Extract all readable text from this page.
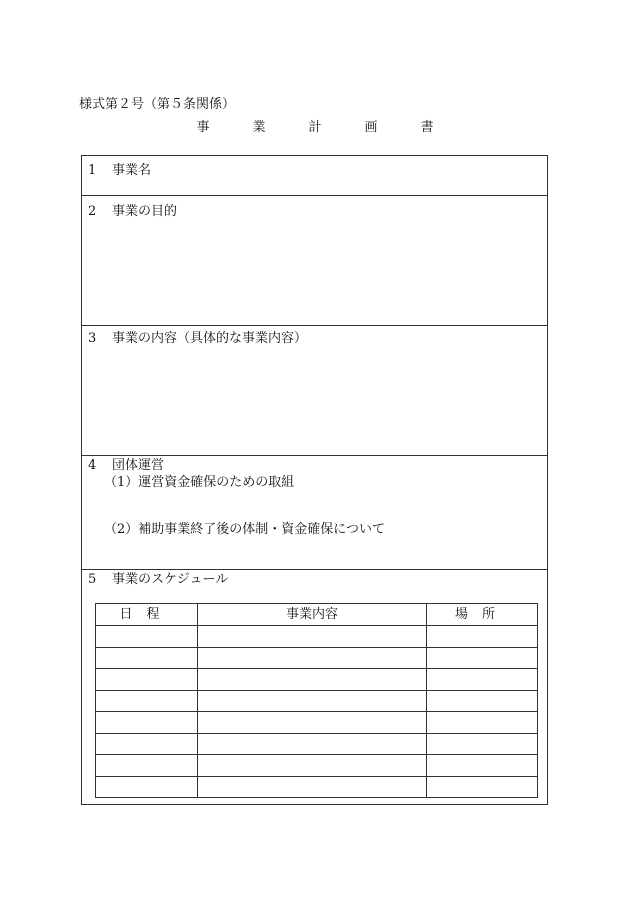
様式第２号（第５条関係）
事　業　計　画　書
1 事業名
2 事業の目的
3 事業の内容（具体的な事業内容）
4 団体運営
（1）運営資金確保のための取組
（2）補助事業終了後の体制・資金確保について
5 事業のスケジュール
日程	事業内容	場所
